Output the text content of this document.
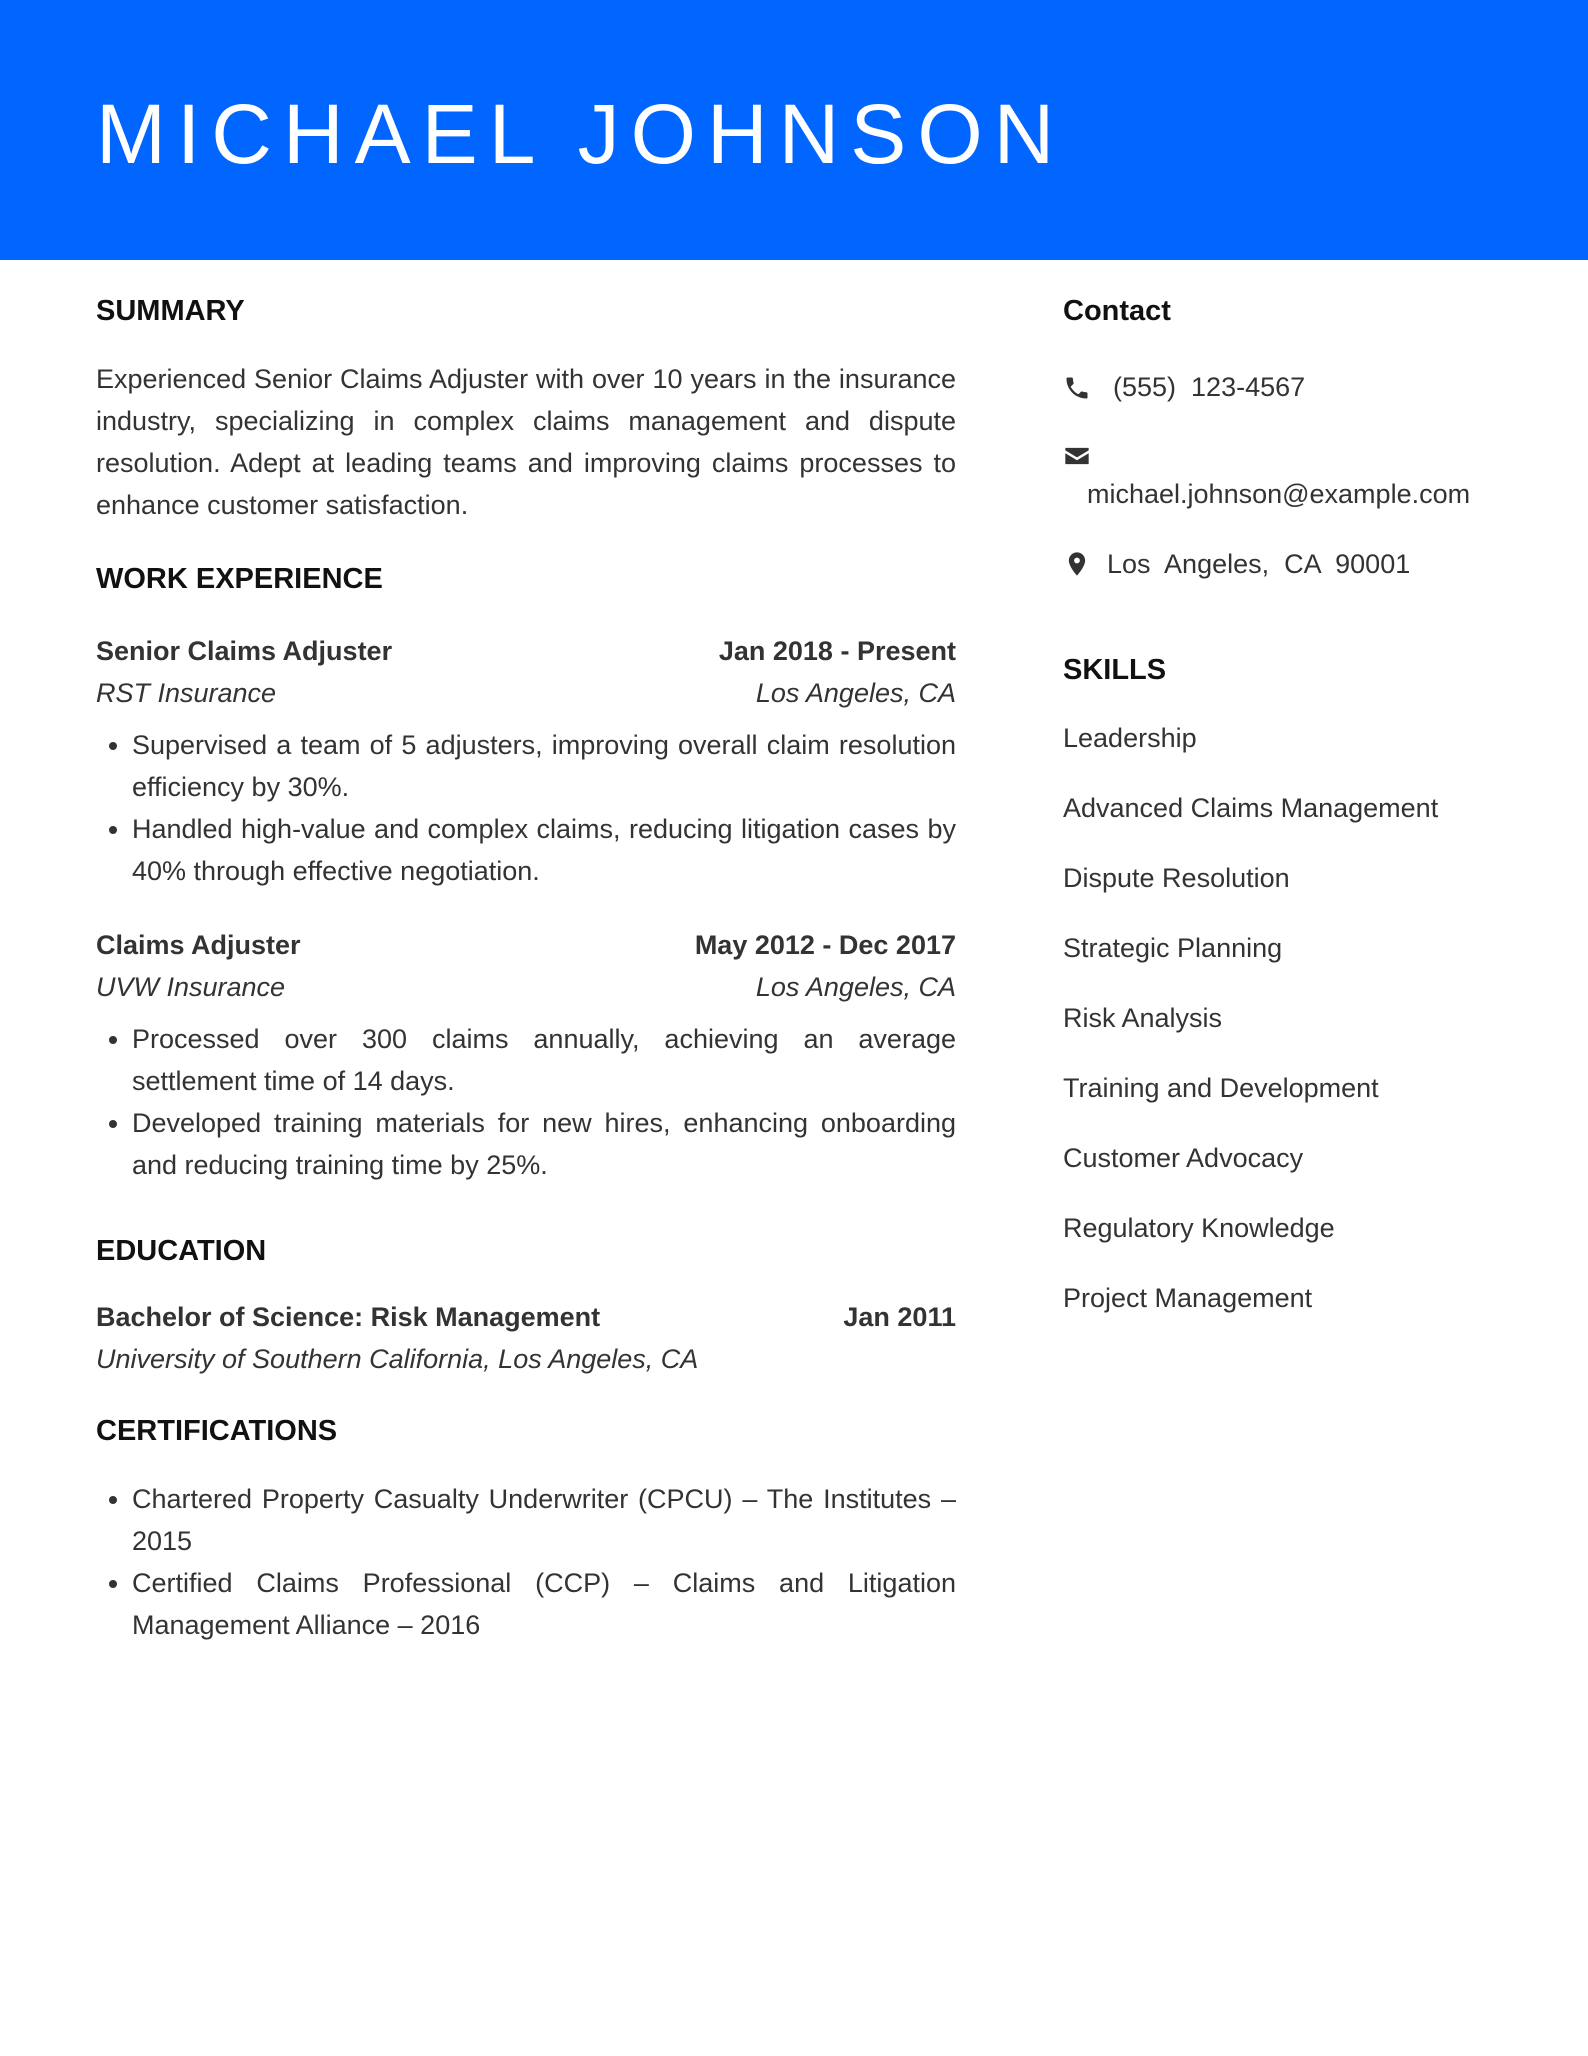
MICHAEL JOHNSON
SUMMARY
Experienced Senior Claims Adjuster with over 10 years in the insurance industry, specializing in complex claims management and dispute resolution. Adept at leading teams and improving claims processes to enhance customer satisfaction.
WORK EXPERIENCE
Senior Claims Adjuster	Jan 2018 - Present
RST Insurance	Los Angeles, CA
• Supervised a team of 5 adjusters, improving overall claim resolution efficiency by 30%.
• Handled high-value and complex claims, reducing litigation cases by 40% through effective negotiation.
Claims Adjuster	May 2012 - Dec 2017
UVW Insurance	Los Angeles, CA
• Processed over 300 claims annually, achieving an average settlement time of 14 days.
• Developed training materials for new hires, enhancing onboarding and reducing training time by 25%.
EDUCATION
Bachelor of Science: Risk Management	Jan 2011
University of Southern California, Los Angeles, CA
CERTIFICATIONS
• Chartered Property Casualty Underwriter (CPCU) – The Institutes – 2015
• Certified Claims Professional (CCP) – Claims and Litigation Management Alliance – 2016
Contact
(555)  123-4567
michael.johnson@example.com
Los  Angeles,  CA  90001
SKILLS
Leadership
Advanced Claims Management
Dispute Resolution
Strategic Planning
Risk Analysis
Training and Development
Customer Advocacy
Regulatory Knowledge
Project Management
